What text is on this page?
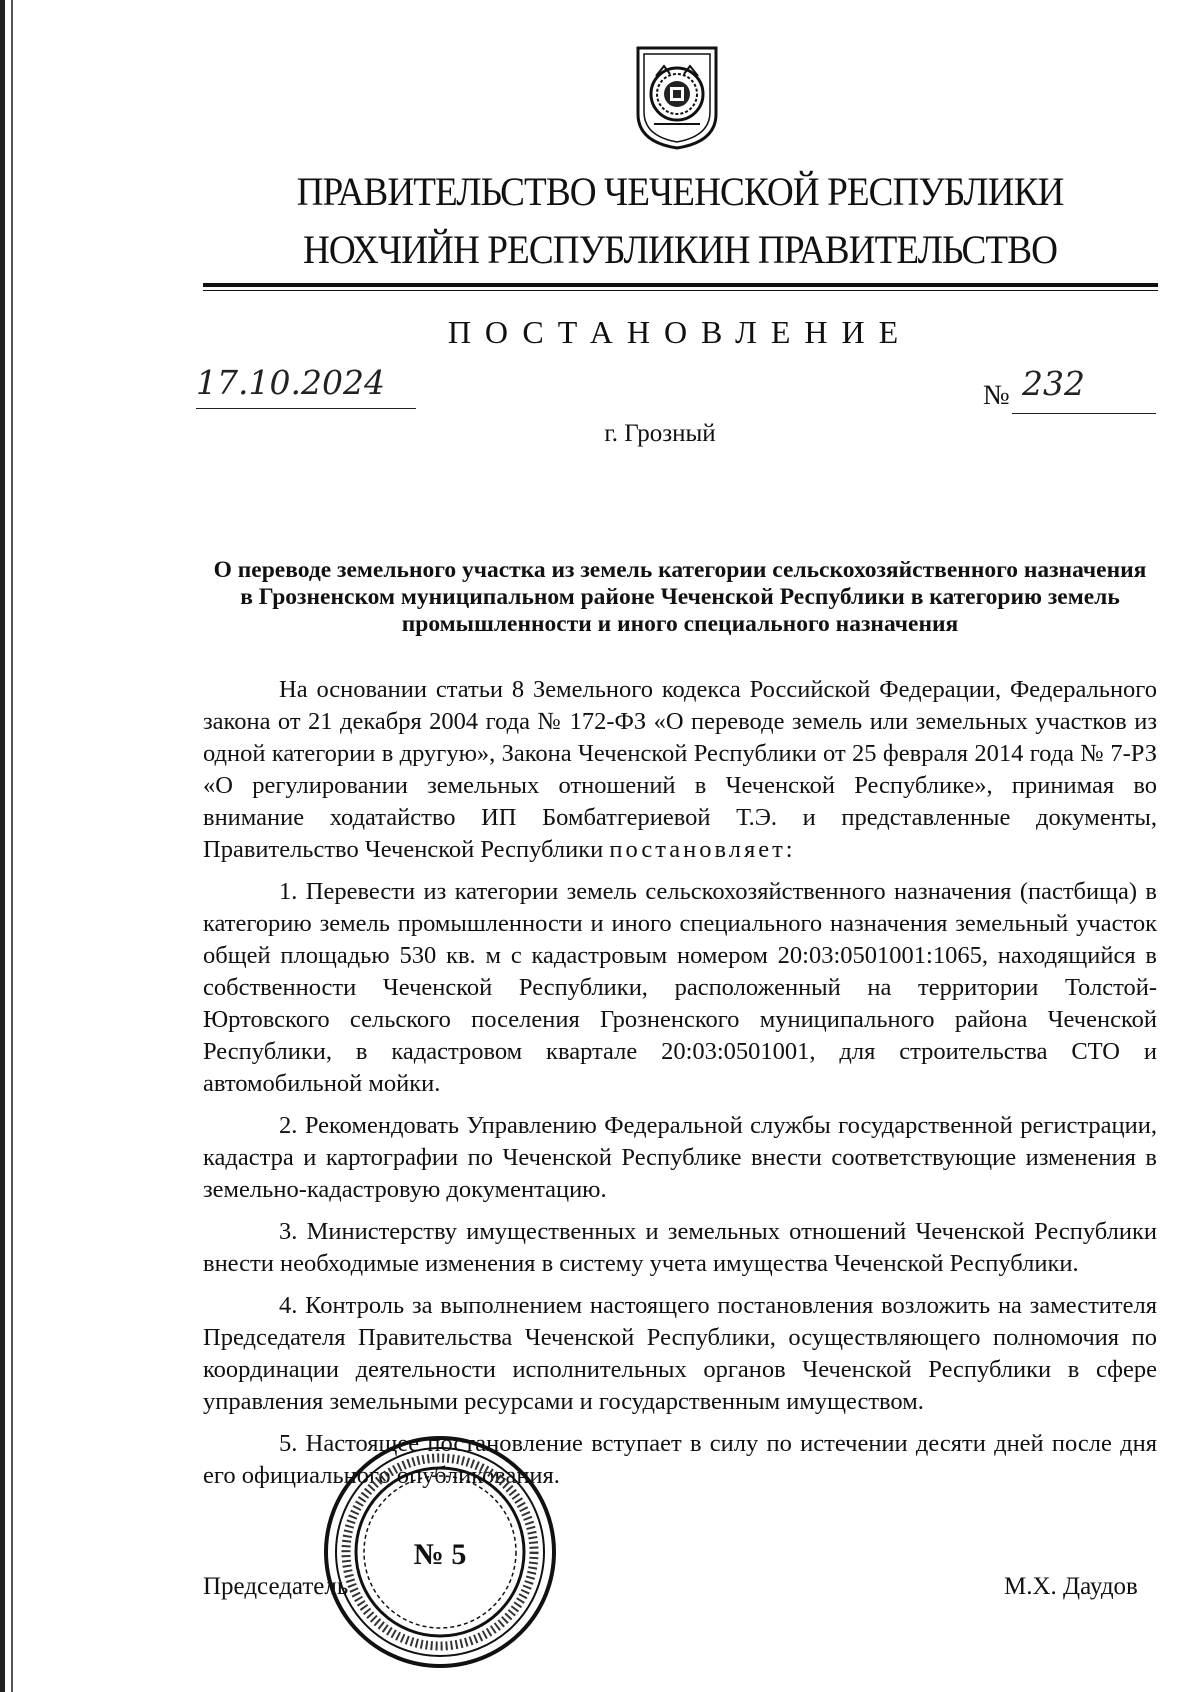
ПРАВИТЕЛЬСТВО ЧЕЧЕНСКОЙ РЕСПУБЛИКИ
НОХЧИЙН РЕСПУБЛИКИН ПРАВИТЕЛЬСТВО
ПОСТАНОВЛЕНИЕ
17.10.2024	№ 232
г. Грозный
О переводе земельного участка из земель категории сельскохозяйственного назначения в Грозненском муниципальном районе Чеченской Республики в категорию земель промышленности и иного специального назначения

На основании статьи 8 Земельного кодекса Российской Федерации, Федерального закона от 21 декабря 2004 года № 172-ФЗ «О переводе земель или земельных участков из одной категории в другую», Закона Чеченской Республики от 25 февраля 2014 года № 7-РЗ «О регулировании земельных отношений в Чеченской Республике», принимая во внимание ходатайство ИП Бомбатгериевой Т.Э. и представленные документы, Правительство Чеченской Республики постановляет:

1. Перевести из категории земель сельскохозяйственного назначения (пастбища) в категорию земель промышленности и иного специального назначения земельный участок общей площадью 530 кв. м с кадастровым номером 20:03:0501001:1065, находящийся в собственности Чеченской Республики, расположенный на территории Толстой-Юртовского сельского поселения Грозненского муниципального района Чеченской Республики, в кадастровом квартале 20:03:0501001, для строительства СТО и автомобильной мойки.

2. Рекомендовать Управлению Федеральной службы государственной регистрации, кадастра и картографии по Чеченской Республике внести соответствующие изменения в земельно-кадастровую документацию.

3. Министерству имущественных и земельных отношений Чеченской Республики внести необходимые изменения в систему учета имущества Чеченской Республики.

4. Контроль за выполнением настоящего постановления возложить на заместителя Председателя Правительства Чеченской Республики, осуществляющего полномочия по координации деятельности исполнительных органов Чеченской Республики в сфере управления земельными ресурсами и государственным имуществом.

5. Настоящее постановление вступает в силу по истечении десяти дней после дня его официального опубликования.

Председатель	М.Х. Даудов
№ 5
